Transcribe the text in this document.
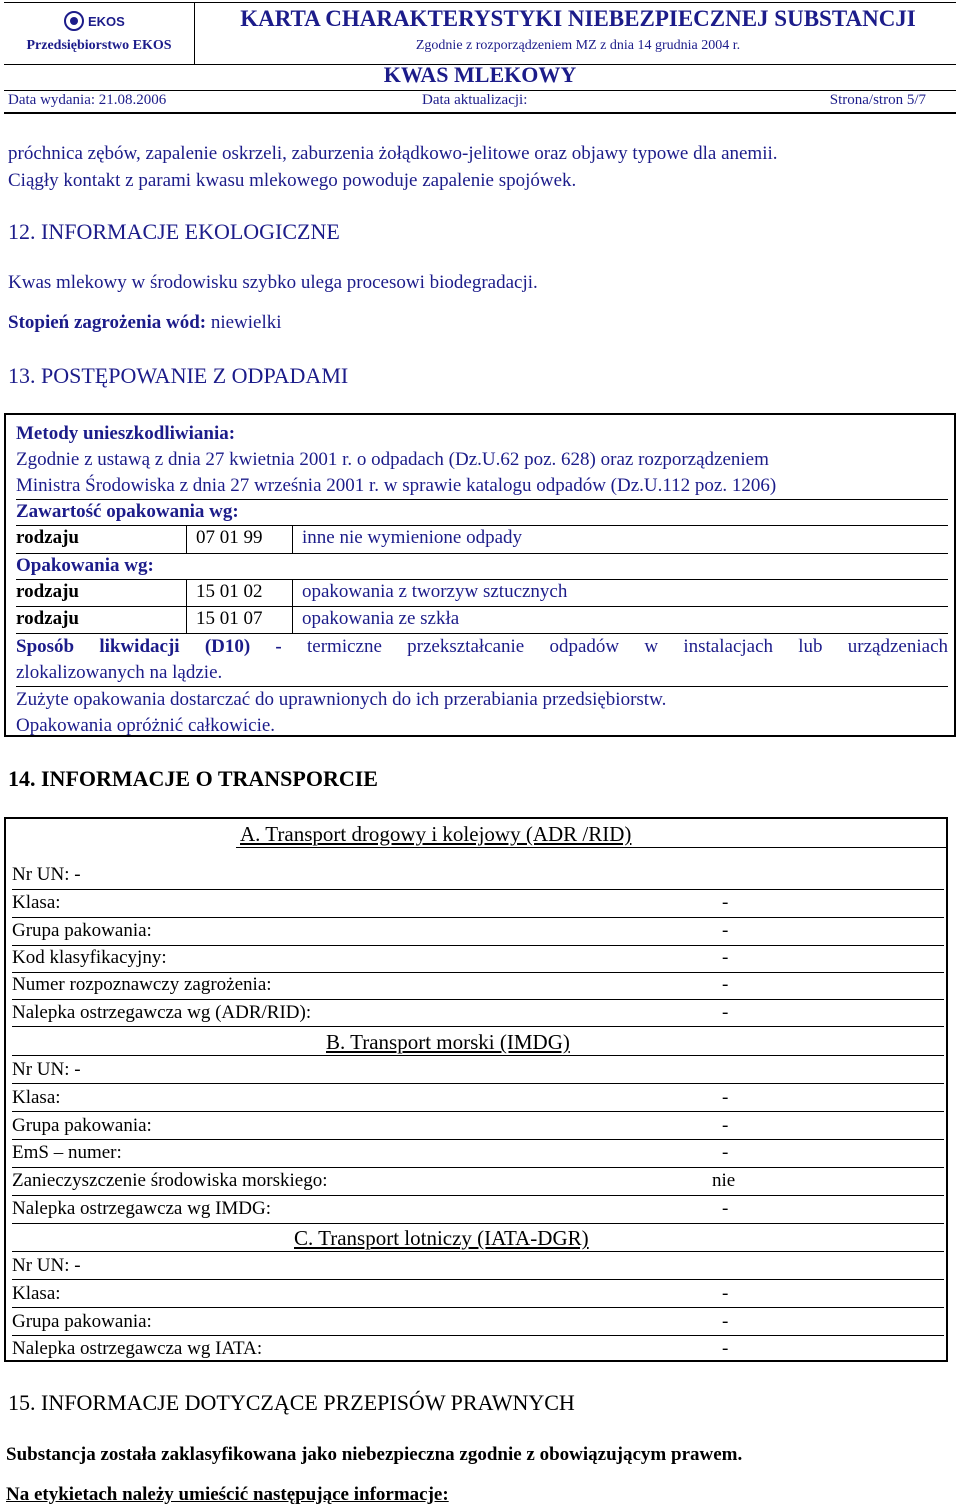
EKOS
Przedsiębiorstwo EKOS
KARTA CHARAKTERYSTYKI NIEBEZPIECZNEJ SUBSTANCJI
Zgodnie z rozporządzeniem MZ z dnia 14 grudnia 2004 r.
KWAS MLEKOWY
Data wydania: 21.08.2006	Data aktualizacji:	Strona/stron 5/7
próchnica zębów, zapalenie oskrzeli, zaburzenia żołądkowo-jelitowe oraz objawy typowe dla anemii.
Ciągły kontakt z parami kwasu mlekowego powoduje zapalenie spojówek.
12. INFORMACJE EKOLOGICZNE
Kwas mlekowy w środowisku szybko ulega procesowi biodegradacji.
Stopień zagrożenia wód: niewielki
13. POSTĘPOWANIE Z ODPADAMI
Metody unieszkodliwiania:
Zgodnie z ustawą z dnia 27 kwietnia 2001 r. o odpadach (Dz.U.62 poz. 628) oraz rozporządzeniem
Ministra Środowiska z dnia 27 września 2001 r. w sprawie katalogu odpadów (Dz.U.112 poz. 1206)
Zawartość opakowania wg:
rodzaju	07 01 99 inne nie wymienione odpady
Opakowania wg:
rodzaju	15 01 02 opakowania z tworzyw sztucznych
rodzaju	15 01 07 opakowania ze szkła
Sposób likwidacji (D10) - termiczne przekształcanie odpadów w instalacjach lub urządzeniach
zlokalizowanych na lądzie.
Zużyte opakowania dostarczać do uprawnionych do ich przerabiania przedsiębiorstw.
Opakowania opróżnić całkowicie.
14. INFORMACJE O TRANSPORCIE
A. Transport drogowy i kolejowy (ADR /RID)
Nr UN: -
Klasa:	-
Grupa pakowania:	-
Kod klasyfikacyjny:	-
Numer rozpoznawczy zagrożenia:	-
Nalepka ostrzegawcza wg (ADR/RID):	-
B. Transport morski (IMDG)
Nr UN: -
Klasa:	-
Grupa pakowania:	-
EmS – numer:	-
Zanieczyszczenie środowiska morskiego:	nie
Nalepka ostrzegawcza wg IMDG:	-
C. Transport lotniczy (IATA-DGR)
Nr UN: -
Klasa:	-
Grupa pakowania:	-
Nalepka ostrzegawcza wg IATA:	-
15. INFORMACJE DOTYCZĄCE PRZEPISÓW PRAWNYCH
Substancja została zaklasyfikowana jako niebezpieczna zgodnie z obowiązującym prawem.
Na etykietach należy umieścić następujące informacje:
